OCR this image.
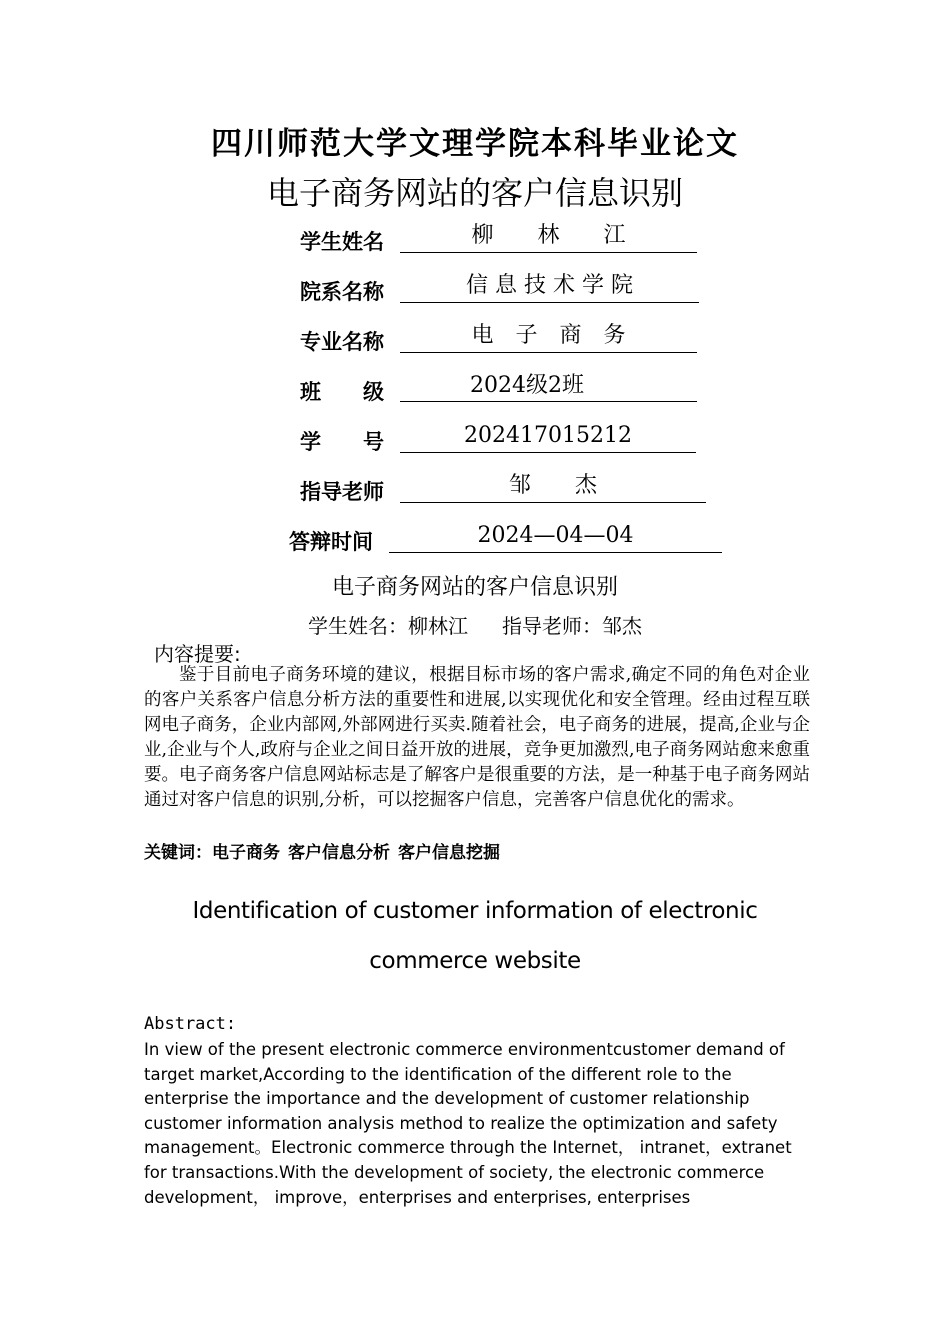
四川师范大学文理学院本科毕业论文
电子商务网站的客户信息识别
学生姓名	柳　　林　　江
院系名称	信 息 技 术 学 院
专业名称	电　子　商　务
班　　级	2024级2班
学　　号	202417015212
指导老师	邹　　杰
答辩时间	2024—04—04
电子商务网站的客户信息识别
学生姓名：柳林江 指导老师：邹杰
内容提要:
鉴于目前电子商务环境的建议，根据目标市场的客户需求,确定不同的角色对企业的客户关系客户信息分析方法的重要性和进展,以实现优化和安全管理。经由过程互联网电子商务，企业内部网,外部网进行买卖.随着社会，电子商务的进展，提高,企业与企业,企业与个人,政府与企业之间日益开放的进展，竞争更加激烈,电子商务网站愈来愈重要。电子商务客户信息网站标志是了解客户是很重要的方法，是一种基于电子商务网站通过对客户信息的识别,分析，可以挖掘客户信息，完善客户信息优化的需求。
关键词：电子商务 客户信息分析 客户信息挖掘
Identification of customer information of electronic
commerce website
Abstract:
In view of the present electronic commerce environmentcustomer demand of target market,According to the identification of the different role to the enterprise the importance and the development of customer relationship customer information analysis method to realize the optimization and safety management。Electronic commerce through the Internet， intranet，extranet for transactions.With the development of society, the electronic commerce development， improve，enterprises and enterprises, enterprises
